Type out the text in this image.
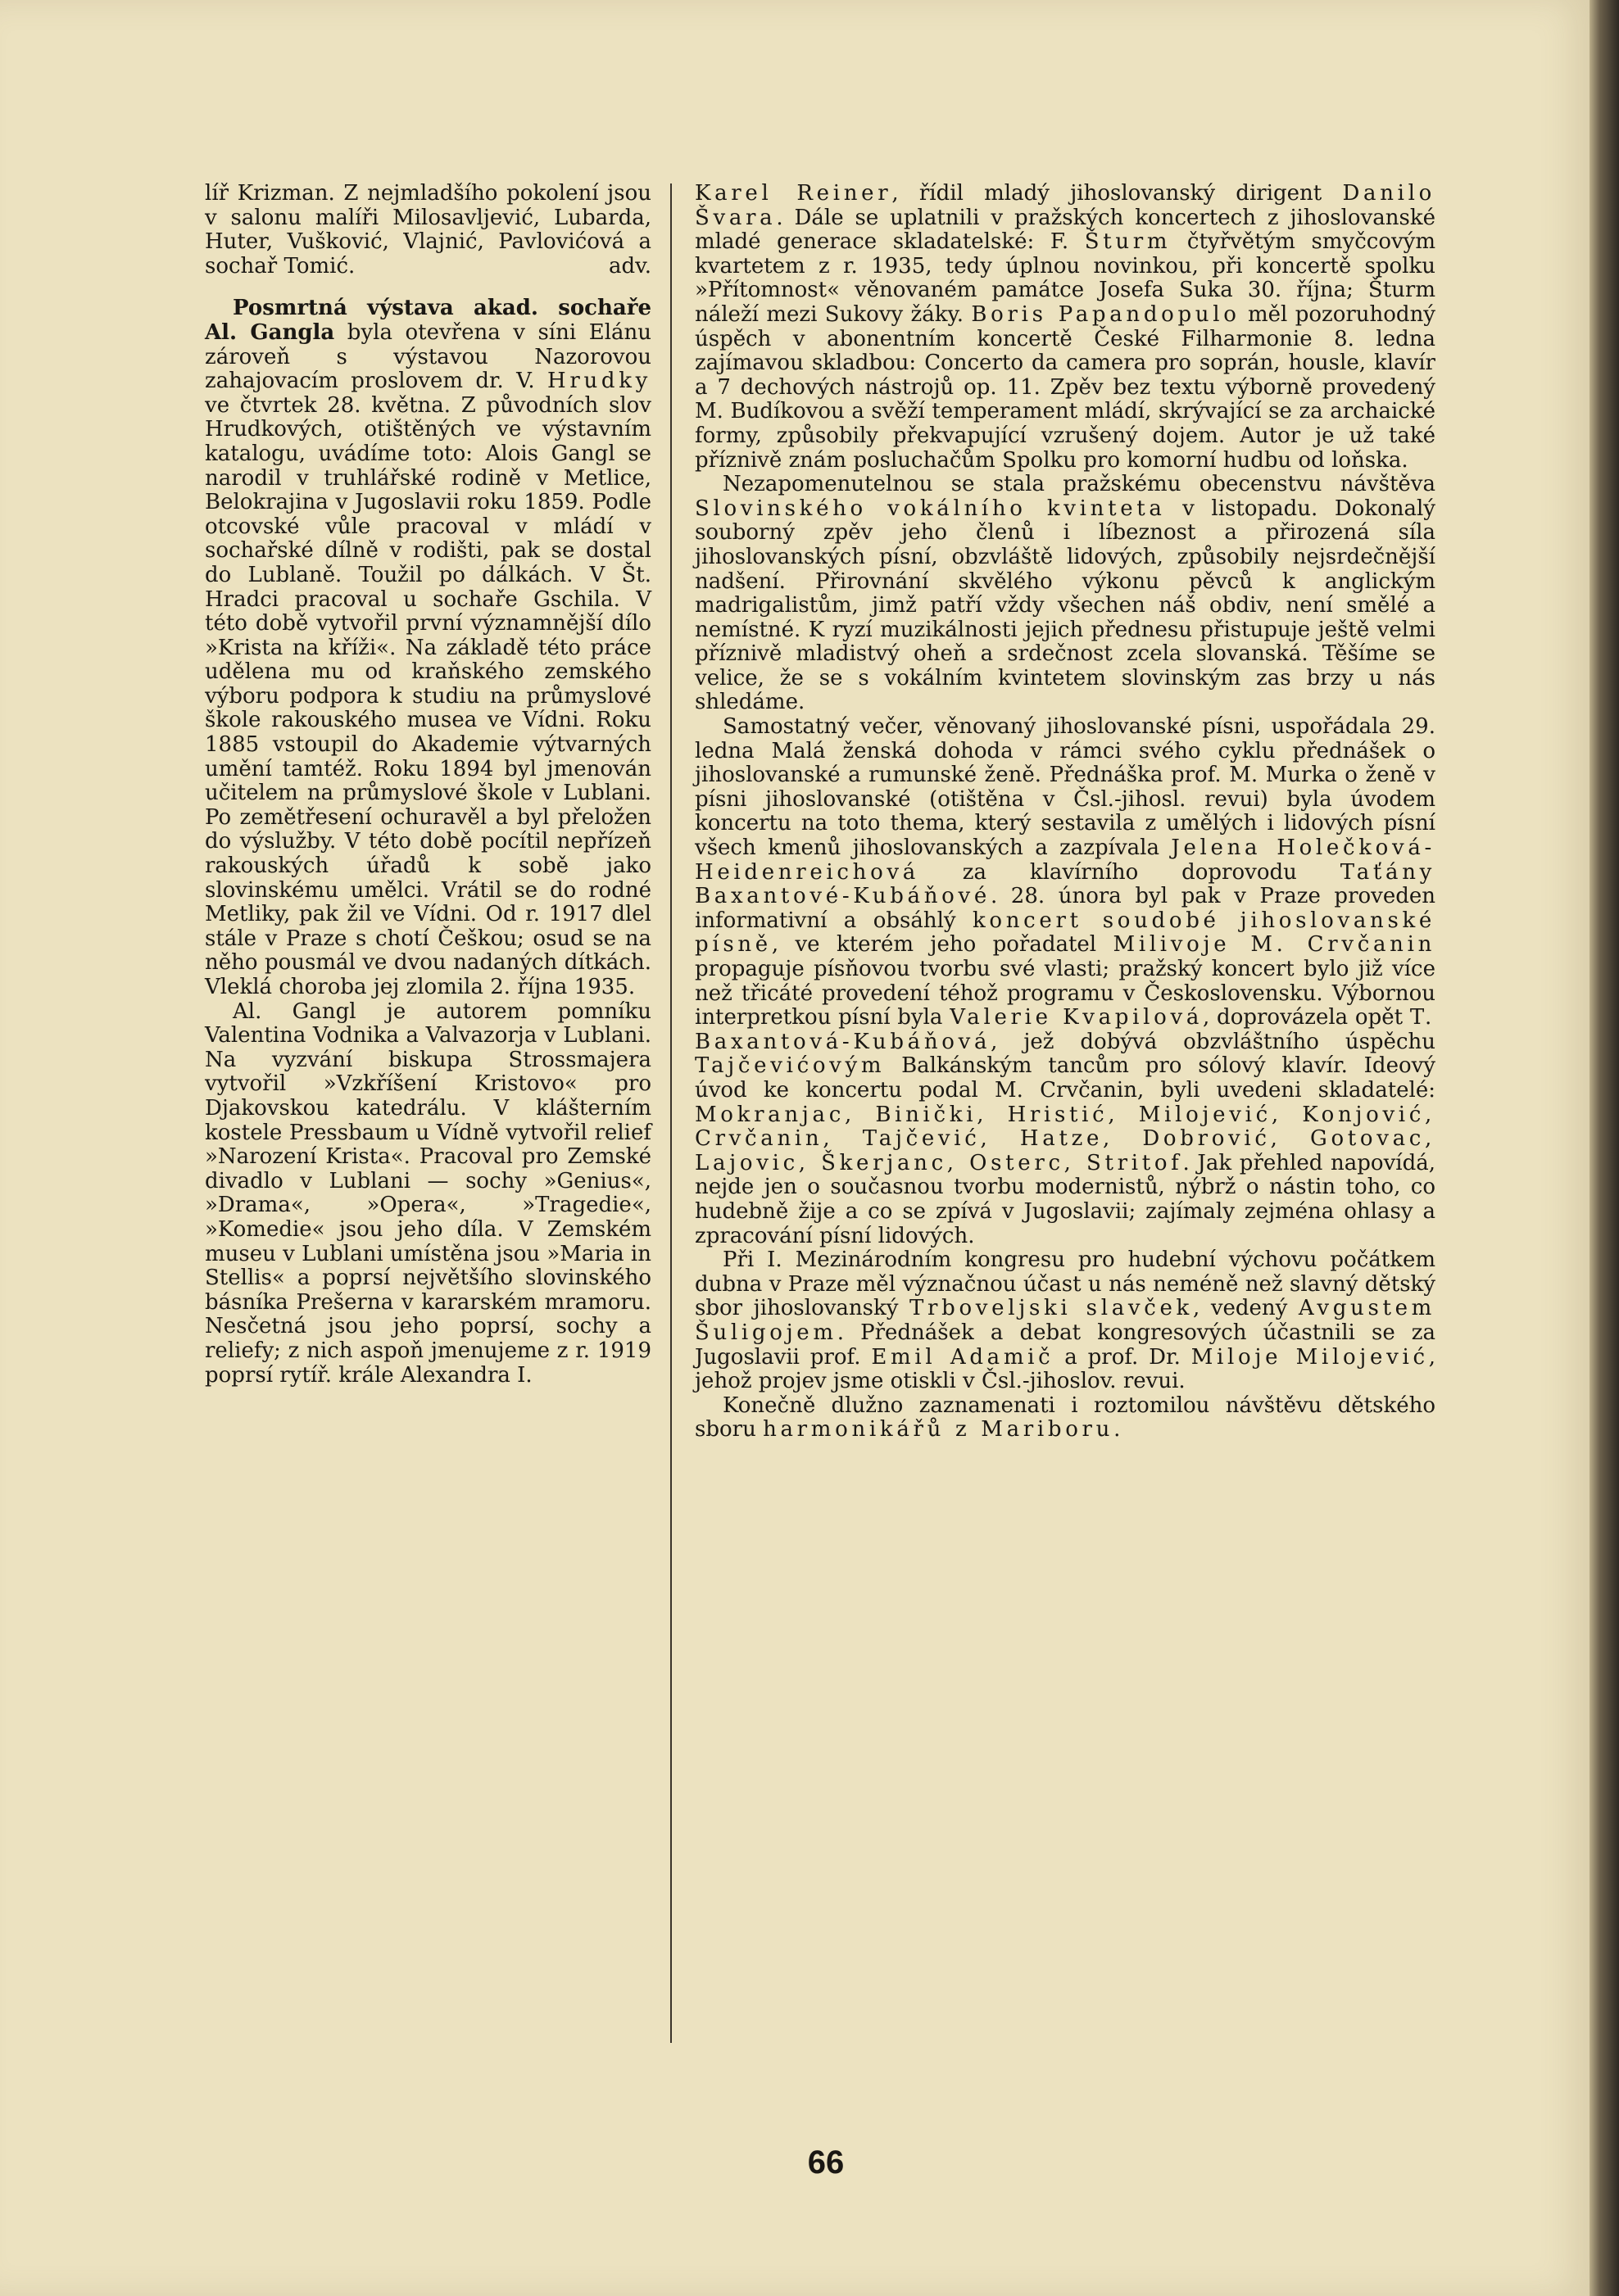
líř Krizman. Z nejmladšího pokolení jsou v salonu malíři Milosavljević, Lubarda, Huter, Vušković, Vlajnić, Pavlovićová a sochař Tomić.	adv.

Posmrtná výstava akad. sochaře Al. Gangla byla otevřena v síni Elánu zároveň s výstavou Nazorovou zahajovacím proslovem dr. V. Hrudky ve čtvrtek 28. května. Z původních slov Hrudkových, otištěných ve výstavním katalogu, uvádíme toto: Alois Gangl se narodil v truhlářské rodině v Metlice, Belokrajina v Jugoslavii roku 1859. Podle otcovské vůle pracoval v mládí v sochařské dílně v rodišti, pak se dostal do Lublaně. Toužil po dálkách. V Št. Hradci pracoval u sochaře Gschila. V této době vytvořil první významnější dílo »Krista na kříži«. Na základě této práce udělena mu od kraňského zemského výboru podpora k studiu na průmyslové škole rakouského musea ve Vídni. Roku 1885 vstoupil do Akademie výtvarných umění tamtéž. Roku 1894 byl jmenován učitelem na průmyslové škole v Lublani. Po zemětřesení ochuravěl a byl přeložen do výslužby. V této době pocítil nepřízeň rakouských úřadů k sobě jako slovinskému umělci. Vrátil se do rodné Metliky, pak žil ve Vídni. Od r. 1917 dlel stále v Praze s chotí Češkou; osud se na něho pousmál ve dvou nadaných dítkách. Vleklá choroba jej zlomila 2. října 1935.

Al. Gangl je autorem pomníku Valentina Vodnika a Valvazorja v Lublani. Na vyzvání biskupa Strossmajera vytvořil »Vzkříšení Kristovo« pro Djakovskou katedrálu. V klášterním kostele Pressbaum u Vídně vytvořil relief »Narození Krista«. Pracoval pro Zemské divadlo v Lublani — sochy »Genius«, »Drama«, »Opera«, »Tragedie«, »Komedie« jsou jeho díla. V Zemském museu v Lublani umístěna jsou »Maria in Stellis« a poprsí největšího slovinského básníka Prešerna v kararském mramoru. Nesčetná jsou jeho poprsí, sochy a reliefy; z nich aspoň jmenujeme z r. 1919 poprsí rytíř. krále Alexandra I.

Karel Reiner, řídil mladý jihoslovanský dirigent Danilo Švara. Dále se uplatnili v pražských koncertech z jihoslovanské mladé generace skladatelské: F. Šturm čtyřvětým smyčcovým kvartetem z r. 1935, tedy úplnou novinkou, při koncertě spolku »Přítomnost« věnovaném památce Josefa Suka 30. října; Šturm náleží mezi Sukovy žáky. Boris Papandopulo měl pozoruhodný úspěch v abonentním koncertě České Filharmonie 8. ledna zajímavou skladbou: Concerto da camera pro soprán, housle, klavír a 7 dechových nástrojů op. 11. Zpěv bez textu výborně provedený M. Budíkovou a svěží temperament mládí, skrývající se za archaické formy, způsobily překvapující vzrušený dojem. Autor je už také příznivě znám posluchačům Spolku pro komorní hudbu od loňska.

Nezapomenutelnou se stala pražskému obecenstvu návštěva Slovinského vokálního kvinteta v listopadu. Dokonalý souborný zpěv jeho členů i líbeznost a přirozená síla jihoslovanských písní, obzvláště lidových, způsobily nejsrdečnější nadšení. Přirovnání skvělého výkonu pěvců k anglickým madrigalistům, jimž patří vždy všechen náš obdiv, není smělé a nemístné. K ryzí muzikálnosti jejich přednesu přistupuje ještě velmi příznivě mladistvý oheň a srdečnost zcela slovanská. Těšíme se velice, že se s vokálním kvintetem slovinským zas brzy u nás shledáme.

Samostatný večer, věnovaný jihoslovanské písni, uspořádala 29. ledna Malá ženská dohoda v rámci svého cyklu přednášek o jihoslovanské a rumunské ženě. Přednáška prof. M. Murka o ženě v písni jihoslovanské (otištěna v Čsl.-jihosl. revui) byla úvodem koncertu na toto thema, který sestavila z umělých i lidových písní všech kmenů jihoslovanských a zazpívala Jelena Holečková-Heidenreichová za klavírního doprovodu Taťány Baxantové-Kubáňové. 28. února byl pak v Praze proveden informativní a obsáhlý koncert soudobé jihoslovanské písně, ve kterém jeho pořadatel Milivoje M. Crvčanin propaguje písňovou tvorbu své vlasti; pražský koncert bylo již více než třicáté provedení téhož programu v Československu. Výbornou interpretkou písní byla Valerie Kvapilová, doprovázela opět T. Baxantová-Kubáňová, jež dobývá obzvláštního úspěchu Tajčevićovým Balkánským tancům pro sólový klavír. Ideový úvod ke koncertu podal M. Crvčanin, byli uvedeni skladatelé: Mokranjac, Binički, Hristić, Milojević, Konjović, Crvčanin, Tajčević, Hatze, Dobrović, Gotovac, Lajovic, Škerjanc, Osterc, Stritof. Jak přehled napovídá, nejde jen o současnou tvorbu modernistů, nýbrž o nástin toho, co hudebně žije a co se zpívá v Jugoslavii; zajímaly zejména ohlasy a zpracování písní lidových.

Při I. Mezinárodním kongresu pro hudební výchovu počátkem dubna v Praze měl význačnou účast u nás neméně než slavný dětský sbor jihoslovanský Trboveljski slavček, vedený Avgustem Šuligojem. Přednášek a debat kongresových účastnili se za Jugoslavii prof. Emil Adamič a prof. Dr. Miloje Milojević, jehož projev jsme otiskli v Čsl.-jihoslov. revui.

Konečně dlužno zaznamenati i roztomilou návštěvu dětského sboru harmonikářů z Mariboru.

66
